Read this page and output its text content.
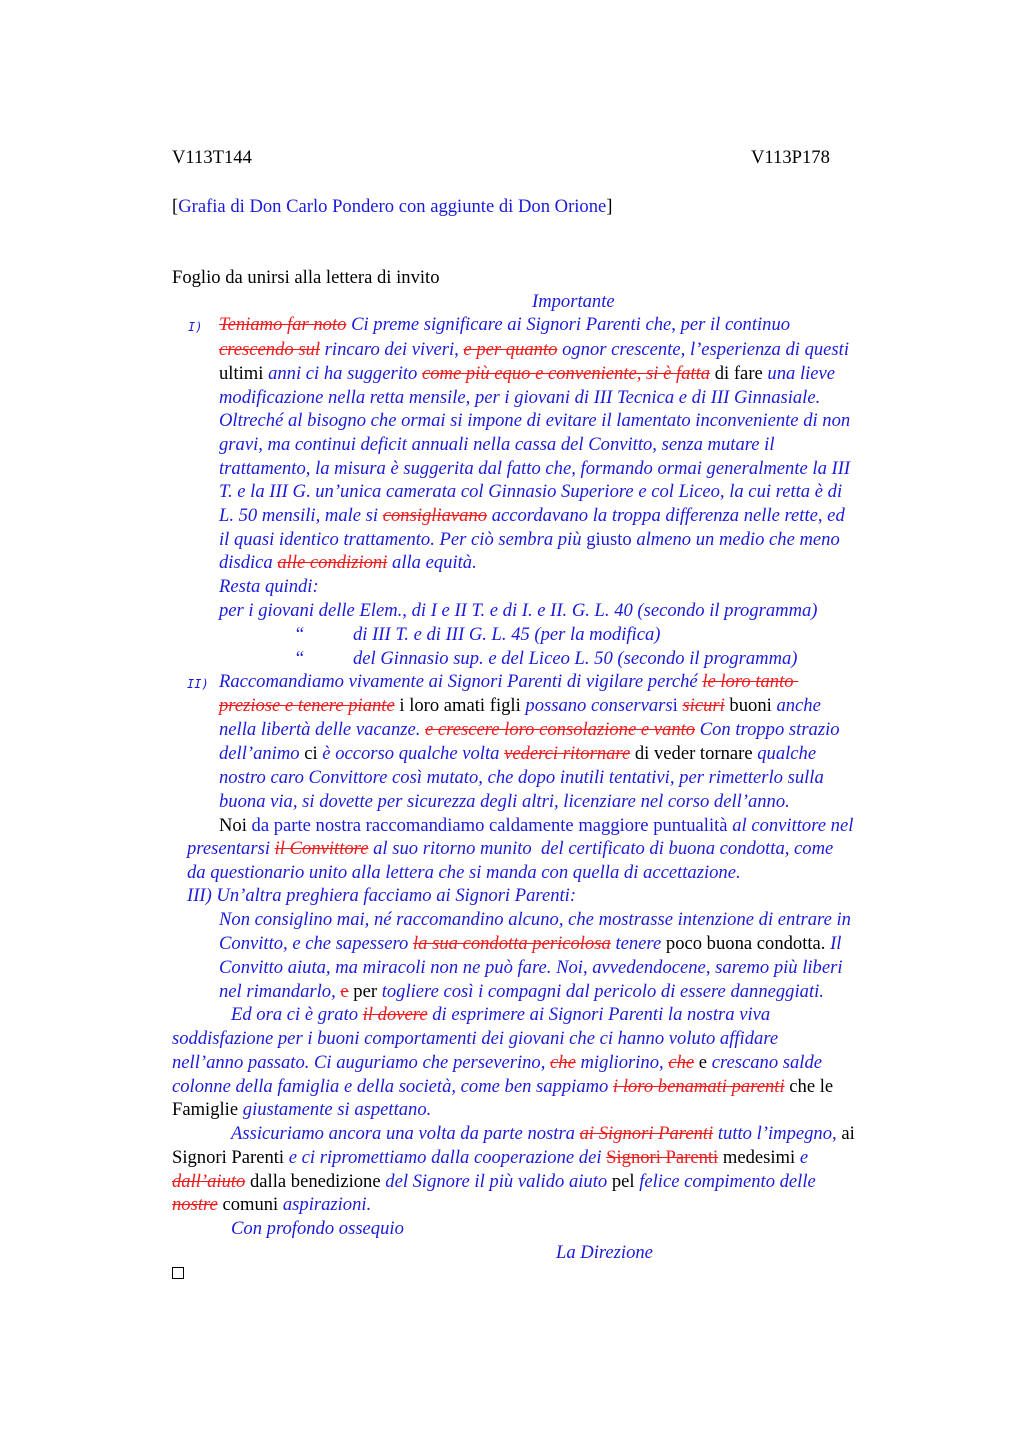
V113T144	V113P178
[Grafia di Don Carlo Pondero con aggiunte di Don Orione]
Foglio da unirsi alla lettera di invito
Importante
I)
II)
“
“
Teniamo far noto Ci preme significare ai Signori Parenti che, per il continuo
crescendo sul rincaro dei viveri, e per quanto ognor crescente, l’esperienza di questi
ultimi anni ci ha suggerito come più equo e conveniente, si è fatta di fare una lieve
modificazione nella retta mensile, per i giovani di III Tecnica e di III Ginnasiale.
Oltreché al bisogno che ormai si impone di evitare il lamentato inconveniente di non
gravi, ma continui deficit annuali nella cassa del Convitto, senza mutare il
trattamento, la misura è suggerita dal fatto che, formando ormai generalmente la III
T. e la III G. un’unica camerata col Ginnasio Superiore e col Liceo, la cui retta è di
L. 50 mensili, male si consigliavano accordavano la troppa differenza nelle rette, ed
il quasi identico trattamento. Per ciò sembra più giusto almeno un medio che meno
disdica alle condizioni alla equità.
Resta quindi:
per i giovani delle Elem., di I e II T. e di I. e II. G. L. 40 (secondo il programma)
di III T. e di III G. L. 45 (per la modifica)
del Ginnasio sup. e del Liceo L. 50 (secondo il programma)
Raccomandiamo vivamente ai Signori Parenti di vigilare perché le loro tanto
preziose e tenere piante i loro amati figli possano conservarsi sicuri buoni anche
nella libertà delle vacanze. e crescere loro consolazione e vanto Con troppo strazio
dell’animo ci è occorso qualche volta vederci ritornare di veder tornare qualche
nostro caro Convittore così mutato, che dopo inutili tentativi, per rimetterlo sulla
buona via, si dovette per sicurezza degli altri, licenziare nel corso dell’anno.
Noi da parte nostra raccomandiamo caldamente maggiore puntualità al convittore nel
presentarsi il Convittore al suo ritorno munito  del certificato di buona condotta, come
da questionario unito alla lettera che si manda con quella di accettazione.
III) Un’altra preghiera facciamo ai Signori Parenti:
Non consiglino mai, né raccomandino alcuno, che mostrasse intenzione di entrare in
Convitto, e che sapessero la sua condotta pericolosa tenere poco buona condotta. Il
Convitto aiuta, ma miracoli non ne può fare. Noi, avvedendocene, saremo più liberi
nel rimandarlo, e per togliere così i compagni dal pericolo di essere danneggiati.
Ed ora ci è grato il dovere di esprimere ai Signori Parenti la nostra viva
soddisfazione per i buoni comportamenti dei giovani che ci hanno voluto affidare
nell’anno passato. Ci auguriamo che perseverino, che migliorino, che e crescano salde
colonne della famiglia e della società, come ben sappiamo i loro benamati parenti che le
Famiglie giustamente si aspettano.
Assicuriamo ancora una volta da parte nostra ai Signori Parenti tutto l’impegno, ai
Signori Parenti e ci ripromettiamo dalla cooperazione dei Signori Parenti medesimi e
dall’aiuto dalla benedizione del Signore il più valido aiuto pel felice compimento delle
nostre comuni aspirazioni.
Con profondo ossequio
La Direzione
